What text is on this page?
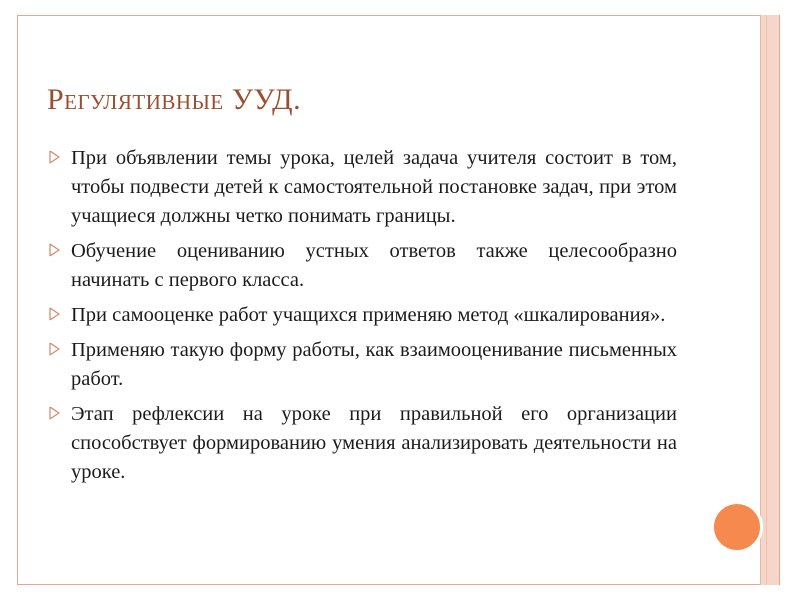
Регулятивные УУД.
При объявлении темы урока, целей задача учителя состоит в том, чтобы подвести детей к самостоятельной постановке задач, при этом учащиеся должны четко понимать границы.
Обучение оцениванию устных ответов также целесообразно начинать с первого класса.
При самооценке работ учащихся применяю метод «шкалирования».
Применяю такую форму работы, как взаимооценивание письменных работ.
Этап рефлексии на уроке при правильной его организации способствует формированию умения анализировать деятельности на уроке.
